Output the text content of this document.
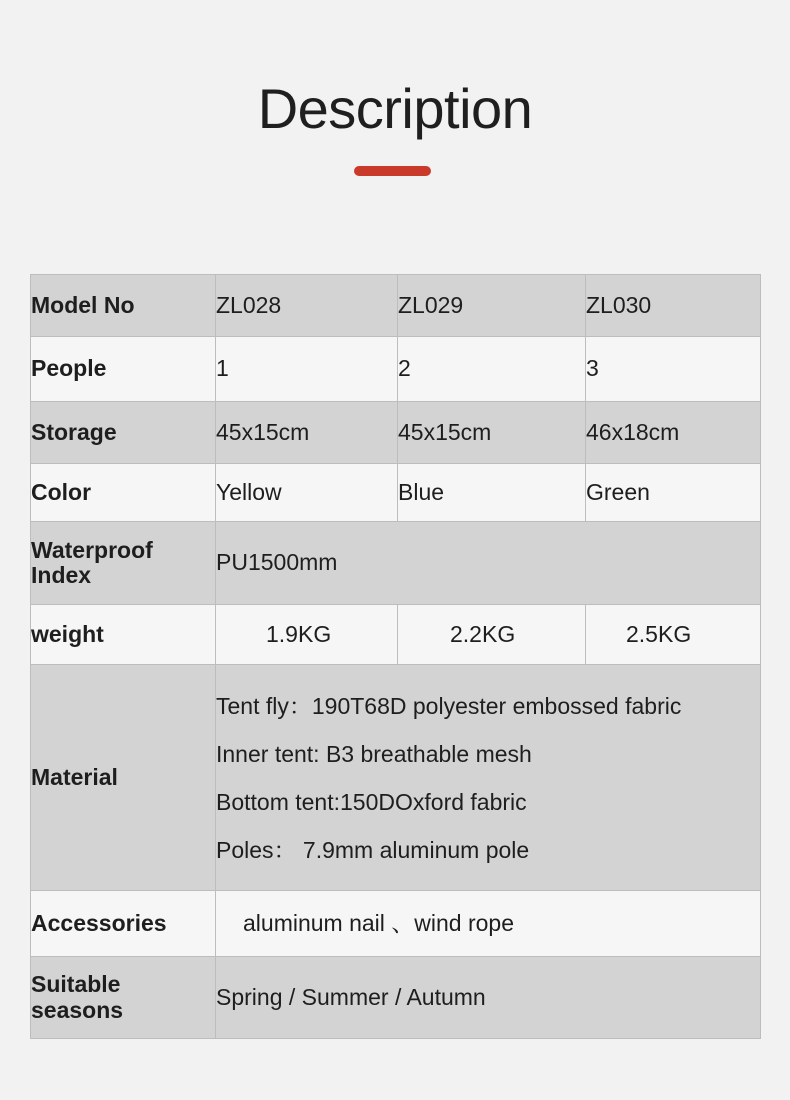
Description
Model No	ZL028	ZL029	ZL030
People	1	2	3
Storage	45x15cm	45x15cm	46x18cm
Color	Yellow	Blue	Green
Waterproof Index	PU1500mm		
weight	1.9KG	2.2KG	2.5KG
Material	Tent fly：190T68D polyester embossed fabric
Inner tent: B3 breathable mesh
Bottom tent:150DOxford fabric
Poles： 7.9mm aluminum pole		

Accessories	aluminum nail 、wind rope		
Suitable seasons	Spring / Summer / Autumn		
